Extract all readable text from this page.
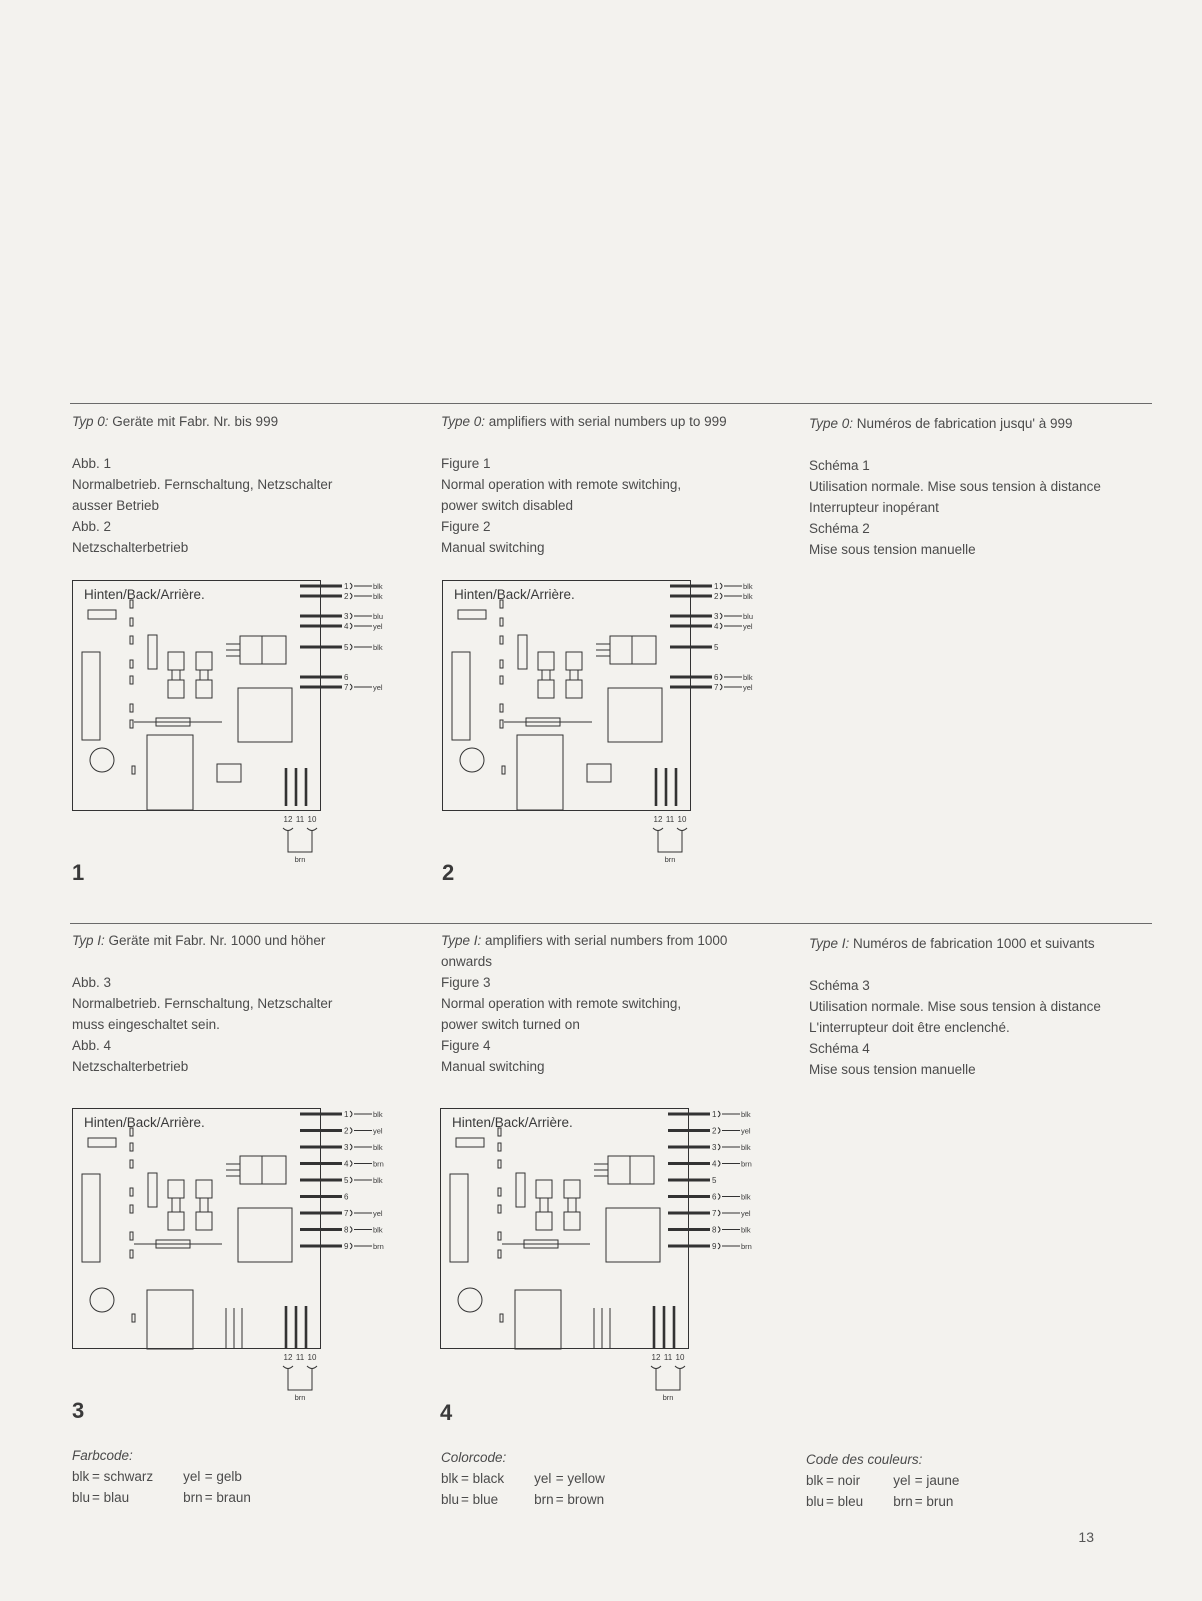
Typ 0: Geräte mit Fabr. Nr. bis 999

Abb. 1

Normalbetrieb. Fernschaltung, Netzschalter

ausser Betrieb

Abb. 2

Netzschalterbetrieb

Type 0: amplifiers with serial numbers up to 999

Figure 1

Normal operation with remote switching,

power switch disabled

Figure 2

Manual switching

Type 0: Numéros de fabrication jusqu' à 999

Schéma 1

Utilisation normale. Mise sous tension à distance

Interrupteur inopérant

Schéma 2

Mise sous tension manuelle

Typ I: Geräte mit Fabr. Nr. 1000 und höher

Abb. 3

Normalbetrieb. Fernschaltung, Netzschalter

muss eingeschaltet sein.

Abb. 4

Netzschalterbetrieb

Type I: amplifiers with serial numbers from 1000 onwards

Figure 3

Normal operation with remote switching,

power switch turned on

Figure 4

Manual switching

Type I: Numéros de fabrication 1000 et suivants

Schéma 3

Utilisation normale. Mise sous tension à distance

L'interrupteur doit être enclenché.

Schéma 4

Mise sous tension manuelle

Hinten/Back/Arrière.
1	blk
2	blk
3	blu
4	yel
5	blk
6
7	yel
12 11 10
brn
Hinten/Back/Arrière.
1	blk
2	blk
3	blu
4	yel
5
6	blk
7	yel
12 11 10
brn
Hinten/Back/Arrière.
1	blk
2	yel
3	blk
4	brn
5	blk
6
7	yel
8	blk
9	brn
12 11 10
brn
Hinten/Back/Arrière.
1	blk
2	yel
3	blk
4	brn
5
6	blk
7	yel
8	blk
9	brn
12 11 10
brn
1	2
3	4
Farbcode:
blk	= schwarz		yel	= gelb
blu	= blau		brn	= braun
Colorcode:
blk	= black		yel	= yellow
blu	= blue		brn	= brown
Code des couleurs:
blk	= noir		yel	= jaune
blu	= bleu		brn	= brun
13
